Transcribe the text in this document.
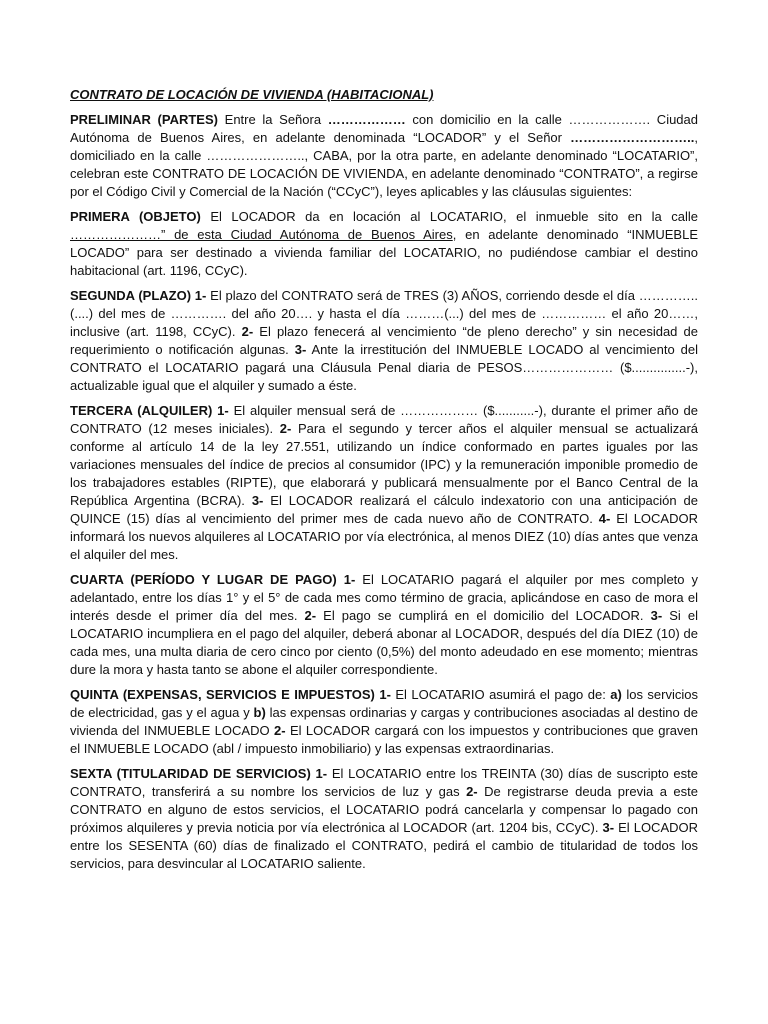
CONTRATO DE LOCACIÓN DE VIVIENDA (HABITACIONAL)

PRELIMINAR (PARTES) Entre la Señora ……………… con domicilio en la calle ………………. Ciudad Autónoma de Buenos Aires, en adelante denominada “LOCADOR” y el Señor ……………………….., domiciliado en la calle ………………….., CABA, por la otra parte, en adelante denominado “LOCATARIO”, celebran este CONTRATO DE LOCACIÓN DE VIVIENDA, en adelante denominado “CONTRATO”, a regirse por el Código Civil y Comercial de la Nación (“CCyC”), leyes aplicables y las cláusulas siguientes:

PRIMERA (OBJETO) El LOCADOR da en locación al LOCATARIO, el inmueble sito en la calle …………………” de esta Ciudad Autónoma de Buenos Aires, en adelante denominado “INMUEBLE LOCADO” para ser destinado a vivienda familiar del LOCATARIO, no pudiéndose cambiar el destino habitacional (art. 1196, CCyC).

SEGUNDA (PLAZO) 1- El plazo del CONTRATO será de TRES (3) AÑOS, corriendo desde el día …………..(....) del mes de …………. del año 20…. y hasta el día ………(...) del mes de …………… el año 20……, inclusive (art. 1198, CCyC). 2- El plazo fenecerá al vencimiento “de pleno derecho” y sin necesidad de requerimiento o notificación algunas. 3- Ante la irrestitución del INMUEBLE LOCADO al vencimiento del CONTRATO el LOCATARIO pagará una Cláusula Penal diaria de PESOS………………… ($...............-), actualizable igual que el alquiler y sumado a éste.

TERCERA (ALQUILER) 1- El alquiler mensual será de ……………… ($...........-), durante el primer año de CONTRATO (12 meses iniciales). 2- Para el segundo y tercer años el alquiler mensual se actualizará conforme al artículo 14 de la ley 27.551, utilizando un índice conformado en partes iguales por las variaciones mensuales del índice de precios al consumidor (IPC) y la remuneración imponible promedio de los trabajadores estables (RIPTE), que elaborará y publicará mensualmente por el Banco Central de la República Argentina (BCRA). 3- El LOCADOR realizará el cálculo indexatorio con una anticipación de QUINCE (15) días al vencimiento del primer mes de cada nuevo año de CONTRATO. 4- El LOCADOR informará los nuevos alquileres al LOCATARIO por vía electrónica, al menos DIEZ (10) días antes que venza el alquiler del mes.

CUARTA (PERÍODO Y LUGAR DE PAGO) 1- El LOCATARIO pagará el alquiler por mes completo y adelantado, entre los días 1° y el 5° de cada mes como término de gracia, aplicándose en caso de mora el interés desde el primer día del mes. 2- El pago se cumplirá en el domicilio del LOCADOR. 3- Si el LOCATARIO incumpliera en el pago del alquiler, deberá abonar al LOCADOR, después del día DIEZ (10) de cada mes, una multa diaria de cero cinco por ciento (0,5%) del monto adeudado en ese momento; mientras dure la mora y hasta tanto se abone el alquiler correspondiente.

QUINTA (EXPENSAS, SERVICIOS E IMPUESTOS) 1- El LOCATARIO asumirá el pago de: a) los servicios de electricidad, gas y el agua y b) las expensas ordinarias y cargas y contribuciones asociadas al destino de vivienda del INMUEBLE LOCADO 2- El LOCADOR cargará con los impuestos y contribuciones que graven el INMUEBLE LOCADO (abl / impuesto inmobiliario) y las expensas extraordinarias.

SEXTA (TITULARIDAD DE SERVICIOS) 1- El LOCATARIO entre los TREINTA (30) días de suscripto este CONTRATO, transferirá a su nombre los servicios de luz y gas 2- De registrarse deuda previa a este CONTRATO en alguno de estos servicios, el LOCATARIO podrá cancelarla y compensar lo pagado con próximos alquileres y previa noticia por vía electrónica al LOCADOR (art. 1204 bis, CCyC). 3- El LOCADOR entre los SESENTA (60) días de finalizado el CONTRATO, pedirá el cambio de titularidad de todos los servicios, para desvincular al LOCATARIO saliente.
